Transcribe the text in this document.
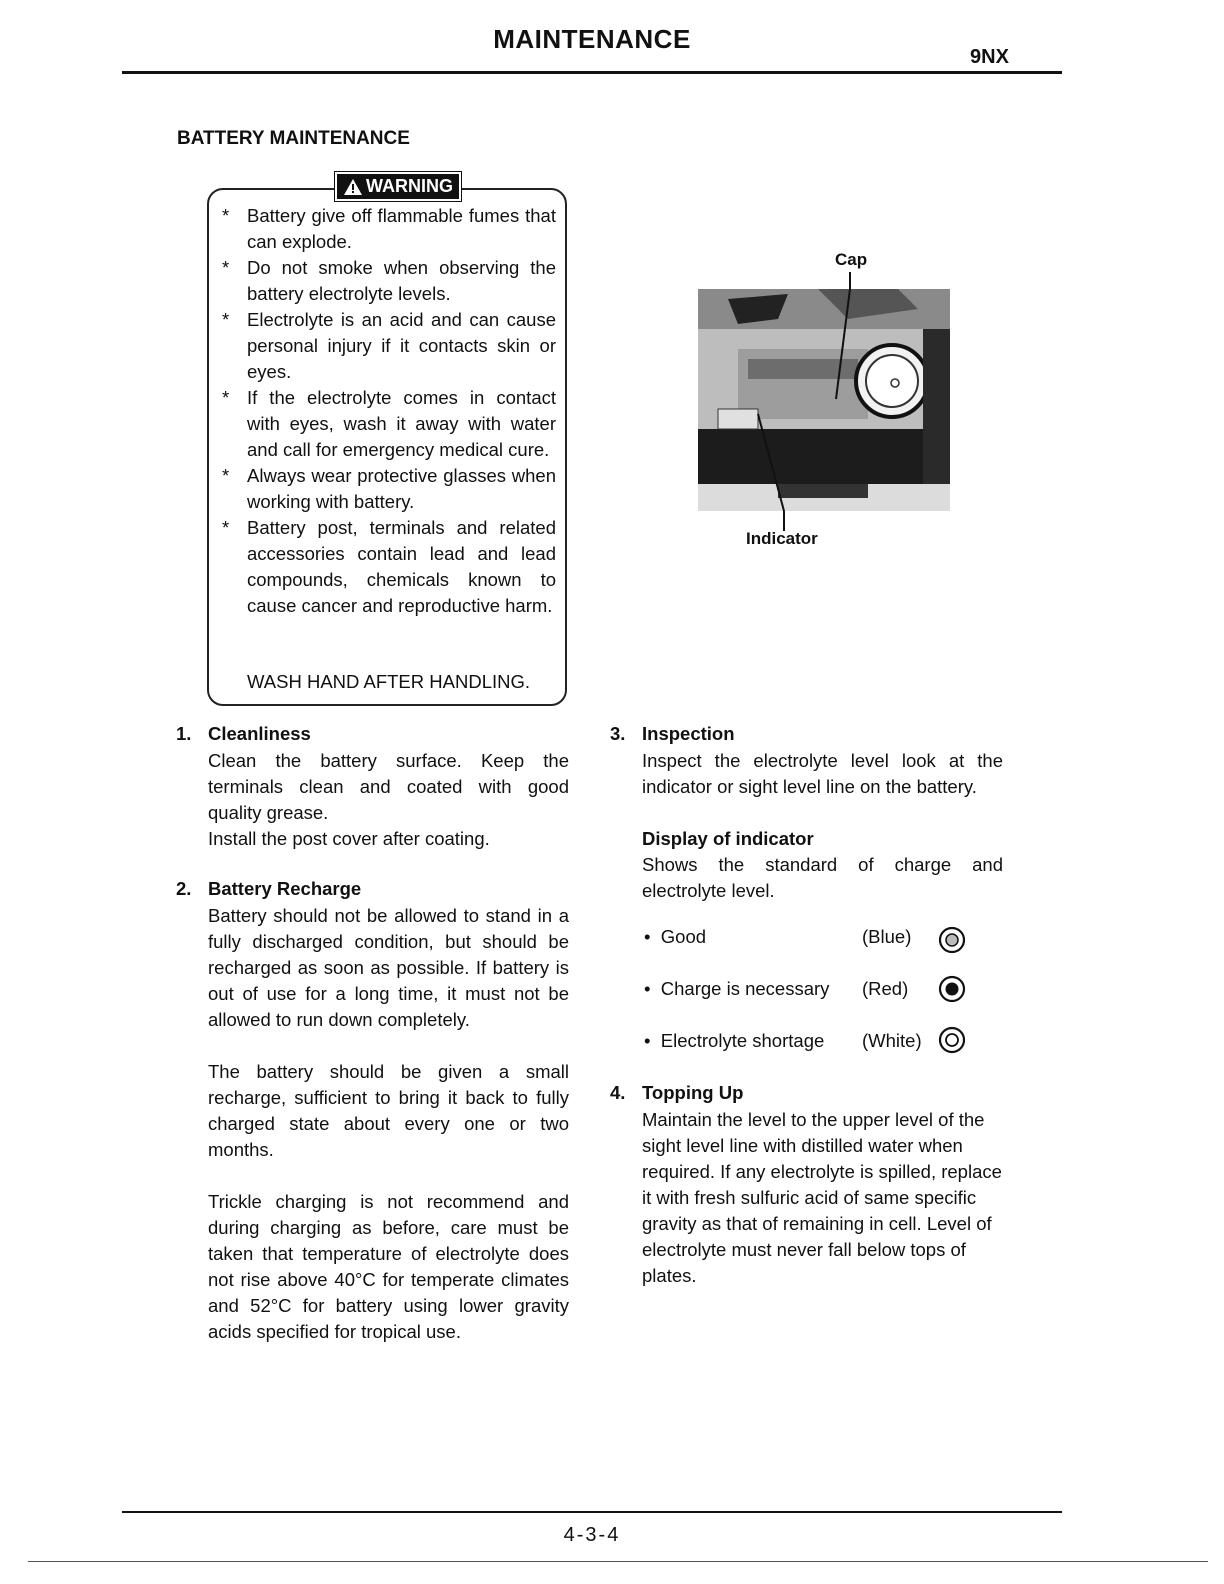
MAINTENANCE
9NX
BATTERY MAINTENANCE
WARNING
* Battery give off flammable fumes that can explode.
* Do not smoke when observing the battery electrolyte levels.
* Electrolyte is an acid and can cause personal injury if it contacts skin or eyes.
* If the electrolyte comes in contact with eyes, wash it away with water and call for emergency medical cure.
* Always wear protective glasses when working with battery.
* Battery post, terminals and related accessories contain lead and lead compounds, chemicals known to cause cancer and reproductive harm.
WASH HAND AFTER HANDLING.
Cap
Indicator
1. Cleanliness

Clean the battery surface. Keep the terminals clean and coated with good quality grease.

Install the post cover after coating.

2. Battery Recharge

Battery should not be allowed to stand in a fully discharged condition, but should be recharged as soon as possible. If battery is out of use for a long time, it must not be allowed to run down completely.

The battery should be given a small recharge, sufficient to bring it back to fully charged state about every one or two months.

Trickle charging is not recommend and during charging as before, care must be taken that temperature of electrolyte does not rise above 40°C for temperate climates and 52°C for battery using lower gravity acids specified for tropical use.

3. Inspection

Inspect the electrolyte level look at the indicator or sight level line on the battery.

Display of indicator

Shows the standard of charge and electrolyte level.

•  Good	(Blue)
•  Charge is necessary (Red)
•  Electrolyte shortage (White)
4. Topping Up

Maintain the level to the upper level of the sight level line with distilled water when required. If any electrolyte is spilled, replace it with fresh sulfuric acid of same specific gravity as that of remaining in cell. Level of electrolyte must never fall below tops of plates.

4-3-4
